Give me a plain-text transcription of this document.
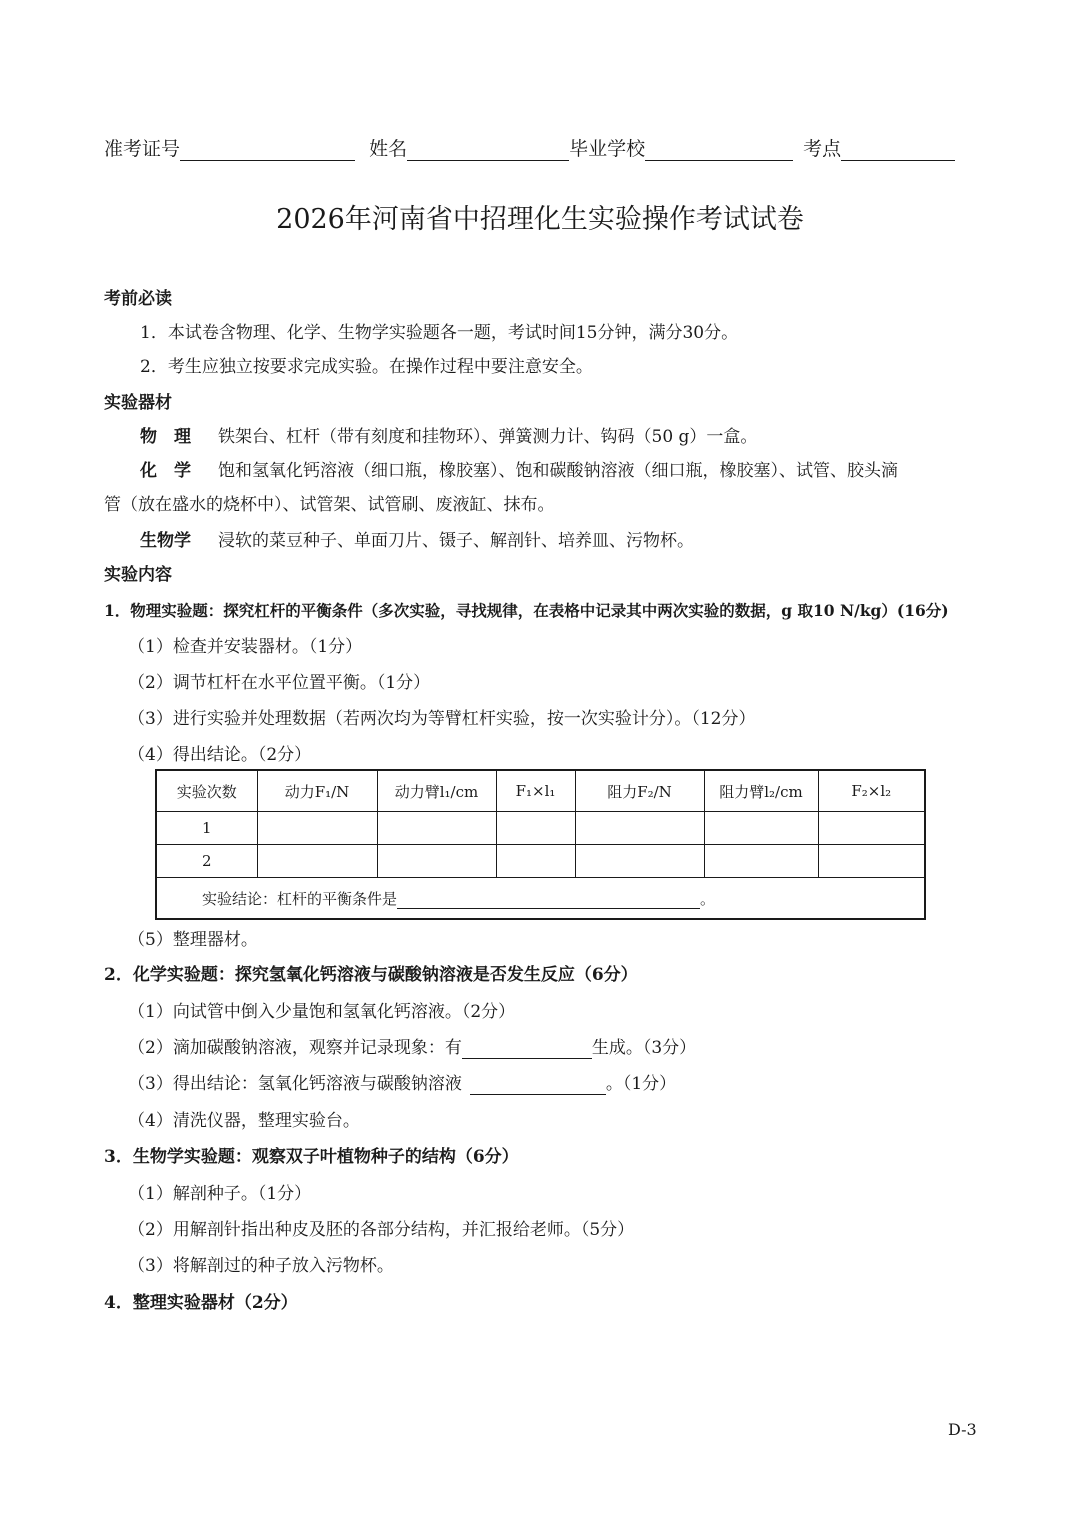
准考证号	姓名	毕业学校	考点
2026年河南省中招理化生实验操作考试试卷
考前必读
1．本试卷含物理、化学、生物学实验题各一题，考试时间15分钟，满分30分。
2．考生应独立按要求完成实验。在操作过程中要注意安全。
实验器材
物　理 铁架台、杠杆（带有刻度和挂物环）、弹簧测力计、钩码（50 g）一盒。
化　学 饱和氢氧化钙溶液（细口瓶，橡胶塞）、饱和碳酸钠溶液（细口瓶，橡胶塞）、试管、胶头滴
管（放在盛水的烧杯中）、试管架、试管刷、废液缸、抹布。
生物学 浸软的菜豆种子、单面刀片、镊子、解剖针、培养皿、污物杯。
实验内容
1．物理实验题：探究杠杆的平衡条件（多次实验，寻找规律，在表格中记录其中两次实验的数据，g 取10 N/kg）(16分)
（1）检查并安装器材。（1分）
（2）调节杠杆在水平位置平衡。（1分）
（3）进行实验并处理数据（若两次均为等臂杠杆实验，按一次实验计分）。（12分）
（4）得出结论。（2分）
实验次数	动力F₁/N	动力臂l₁/cm	F₁×l₁	阻力F₂/N	阻力臂l₂/cm	F₂×l₂
1						
2						
实验结论：杠杆的平衡条件是 。						
（5）整理器材。
2．化学实验题：探究氢氧化钙溶液与碳酸钠溶液是否发生反应（6分）
（1）向试管中倒入少量饱和氢氧化钙溶液。（2分）
（2）滴加碳酸钠溶液，观察并记录现象：有	生成。（3分）
（3）得出结论：氢氧化钙溶液与碳酸钠溶液	。（1分）
（4）清洗仪器，整理实验台。
3．生物学实验题：观察双子叶植物种子的结构（6分）
（1）解剖种子。（1分）
（2）用解剖针指出种皮及胚的各部分结构，并汇报给老师。（5分）
（3）将解剖过的种子放入污物杯。
4．整理实验器材（2分）
D-3
